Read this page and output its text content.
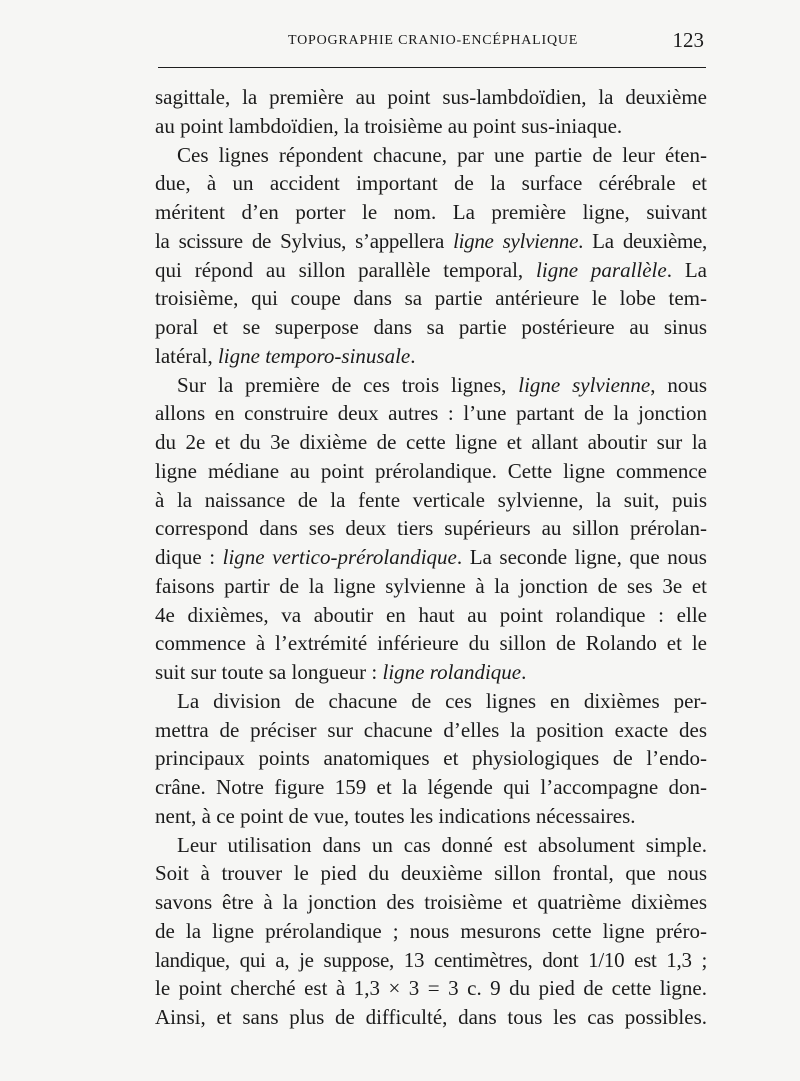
TOPOGRAPHIE CRANIO-ENCÉPHALIQUE	123
sagittale, la première au point sus-lambdoïdien, la deuxième
au point lambdoïdien, la troisième au point sus-iniaque.
Ces lignes répondent chacune, par une partie de leur éten-
due, à un accident important de la surface cérébrale et
méritent d’en porter le nom. La première ligne, suivant
la scissure de Sylvius, s’appellera ligne sylvienne. La deuxième,
qui répond au sillon parallèle temporal, ligne parallèle. La
troisième, qui coupe dans sa partie antérieure le lobe tem-
poral et se superpose dans sa partie postérieure au sinus
latéral, ligne temporo-sinusale.
Sur la première de ces trois lignes, ligne sylvienne, nous
allons en construire deux autres : l’une partant de la jonction
du 2e et du 3e dixième de cette ligne et allant aboutir sur la
ligne médiane au point prérolandique. Cette ligne commence
à la naissance de la fente verticale sylvienne, la suit, puis
correspond dans ses deux tiers supérieurs au sillon prérolan-
dique : ligne vertico-prérolandique. La seconde ligne, que nous
faisons partir de la ligne sylvienne à la jonction de ses 3e et
4e dixièmes, va aboutir en haut au point rolandique : elle
commence à l’extrémité inférieure du sillon de Rolando et le
suit sur toute sa longueur : ligne rolandique.
La division de chacune de ces lignes en dixièmes per-
mettra de préciser sur chacune d’elles la position exacte des
principaux points anatomiques et physiologiques de l’endo-
crâne. Notre figure 159 et la légende qui l’accompagne don-
nent, à ce point de vue, toutes les indications nécessaires.
Leur utilisation dans un cas donné est absolument simple.
Soit à trouver le pied du deuxième sillon frontal, que nous
savons être à la jonction des troisième et quatrième dixièmes
de la ligne prérolandique ; nous mesurons cette ligne préro-
landique, qui a, je suppose, 13 centimètres, dont 1/10 est 1,3 ;
le point cherché est à 1,3 × 3 = 3 c. 9 du pied de cette ligne.
Ainsi, et sans plus de difficulté, dans tous les cas possibles.
